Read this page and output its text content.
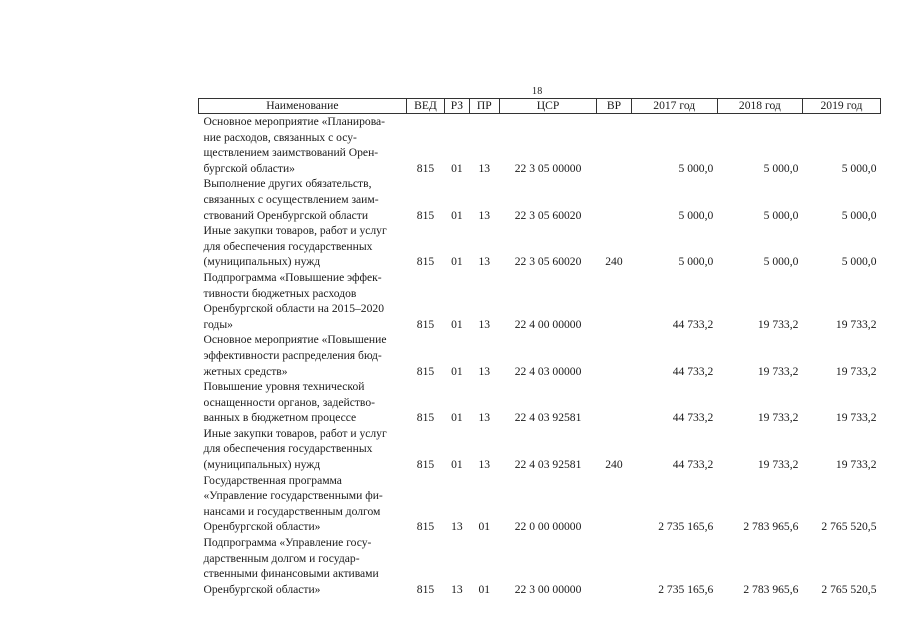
18
Наименование	ВЕД	РЗ	ПР	ЦСР	ВР	2017 год	2018 год	2019 год

Основное мероприятие «Планирова-
ние расходов, связанных с осу-
ществлением заимствований Орен-
бургской области»	815	01	13	22 3 05 00000		5 000,0	5 000,0	5 000,0

Выполнение других обязательств,
связанных с осуществлением заим-
ствований Оренбургской области	815	01	13	22 3 05 60020		5 000,0	5 000,0	5 000,0

Иные закупки товаров, работ и услуг
для обеспечения государственных
(муниципальных) нужд	815	01	13	22 3 05 60020	240	5 000,0	5 000,0	5 000,0

Подпрограмма «Повышение эффек-
тивности бюджетных расходов
Оренбургской области на 2015–2020
годы»	815	01	13	22 4 00 00000		44 733,2	19 733,2	19 733,2

Основное мероприятие «Повышение
эффективности распределения бюд-
жетных средств»	815	01	13	22 4 03 00000		44 733,2	19 733,2	19 733,2

Повышение уровня технической
оснащенности органов, задейство-
ванных в бюджетном процессе	815	01	13	22 4 03 92581		44 733,2	19 733,2	19 733,2

Иные закупки товаров, работ и услуг
для обеспечения государственных
(муниципальных) нужд	815	01	13	22 4 03 92581	240	44 733,2	19 733,2	19 733,2

Государственная программа
«Управление государственными фи-
нансами и государственным долгом
Оренбургской области»	815	13	01	22 0 00 00000		2 735 165,6	2 783 965,6	2 765 520,5

Подпрограмма «Управление госу-
дарственным долгом и государ-
ственными финансовыми активами
Оренбургской области»	815	13	01	22 3 00 00000		2 735 165,6	2 783 965,6	2 765 520,5
